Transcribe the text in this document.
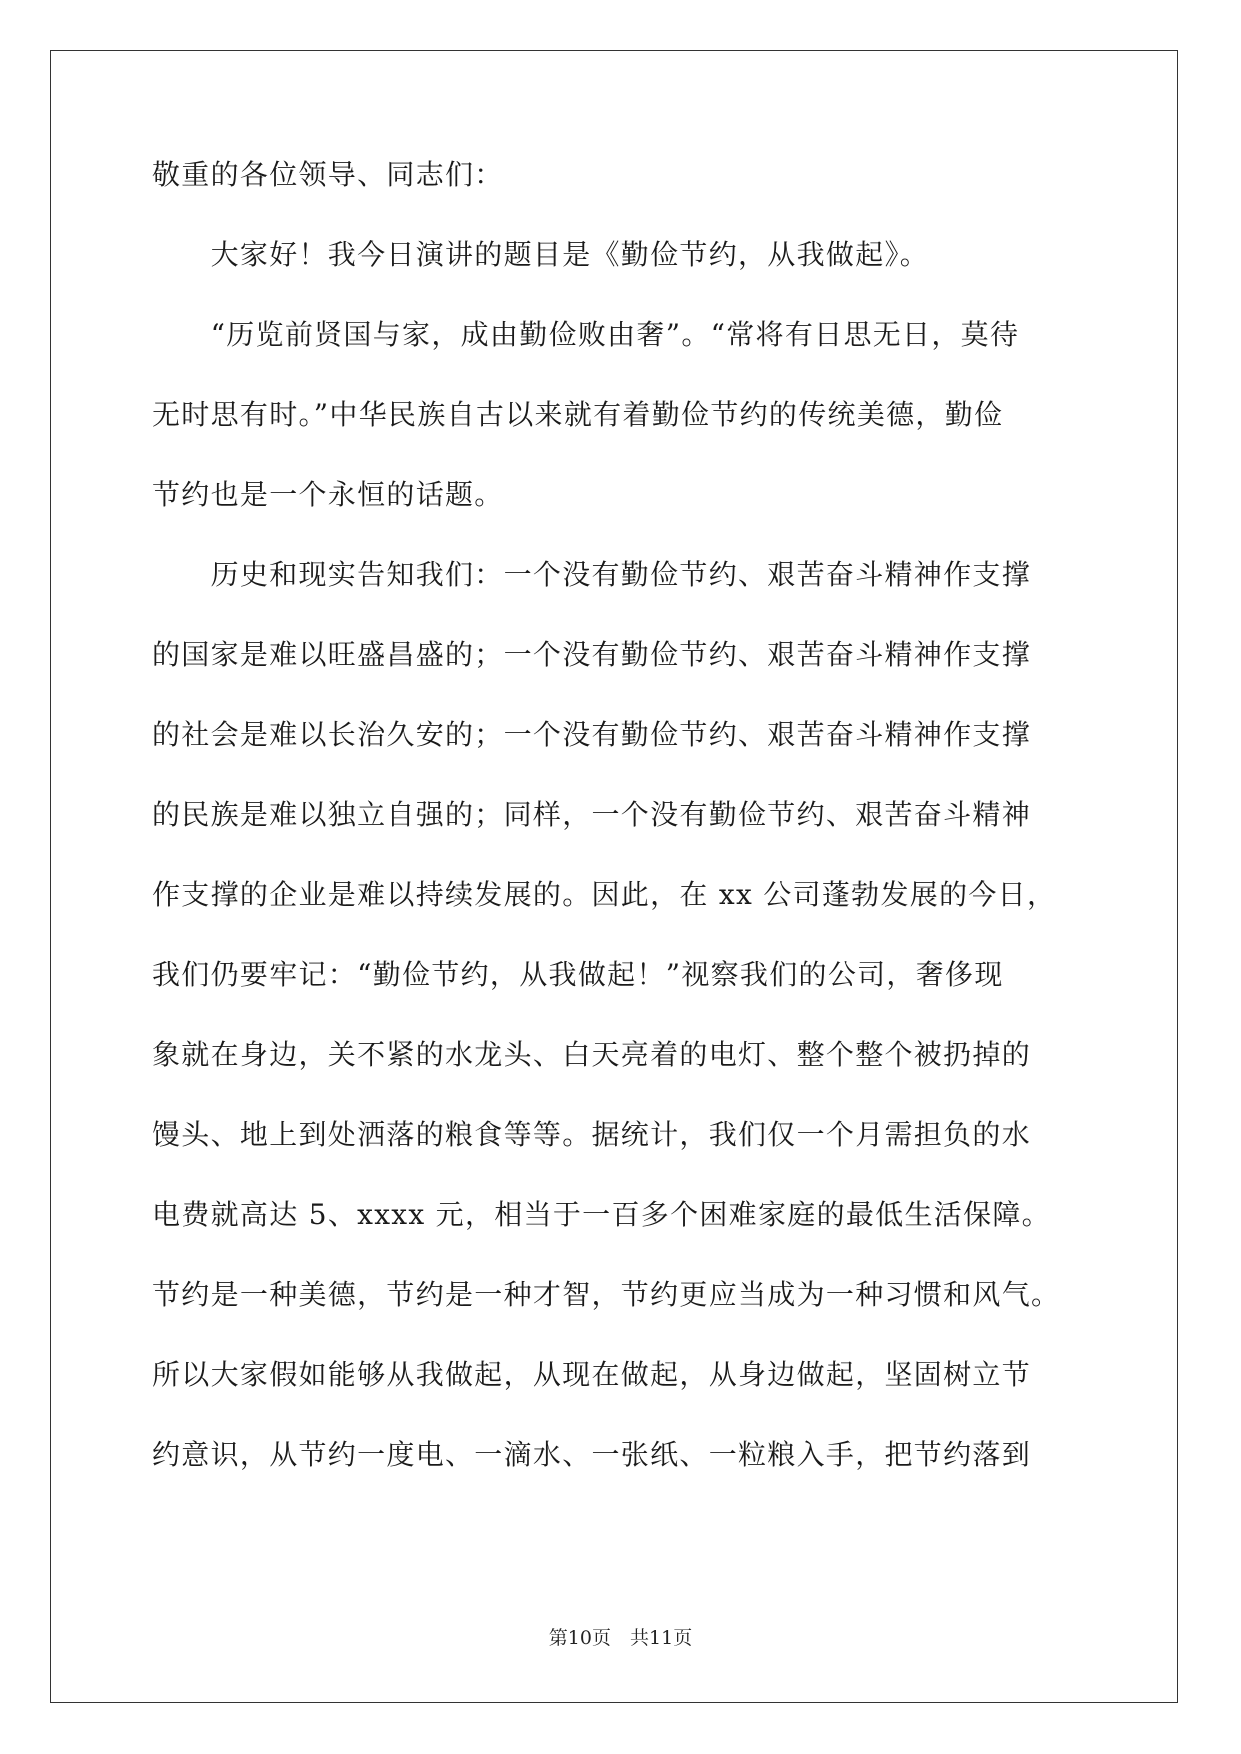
敬重的各位领导、同志们：
　　大家好！我今日演讲的题目是《勤俭节约，从我做起》。
　　“历览前贤国与家，成由勤俭败由奢”。“常将有日思无日，莫待
无时思有时。”中华民族自古以来就有着勤俭节约的传统美德，勤俭
节约也是一个永恒的话题。
　　历史和现实告知我们：一个没有勤俭节约、艰苦奋斗精神作支撑
的国家是难以旺盛昌盛的；一个没有勤俭节约、艰苦奋斗精神作支撑
的社会是难以长治久安的；一个没有勤俭节约、艰苦奋斗精神作支撑
的民族是难以独立自强的；同样，一个没有勤俭节约、艰苦奋斗精神
作支撑的企业是难以持续发展的。因此，在 xx 公司蓬勃发展的今日，
我们仍要牢记：“勤俭节约，从我做起！”视察我们的公司，奢侈现
象就在身边，关不紧的水龙头、白天亮着的电灯、整个整个被扔掉的
馒头、地上到处洒落的粮食等等。据统计，我们仅一个月需担负的水
电费就高达 5、xxxx 元，相当于一百多个困难家庭的最低生活保障。
节约是一种美德，节约是一种才智，节约更应当成为一种习惯和风气。
所以大家假如能够从我做起，从现在做起，从身边做起，坚固树立节
约意识，从节约一度电、一滴水、一张纸、一粒粮入手，把节约落到
第10页　共11页
